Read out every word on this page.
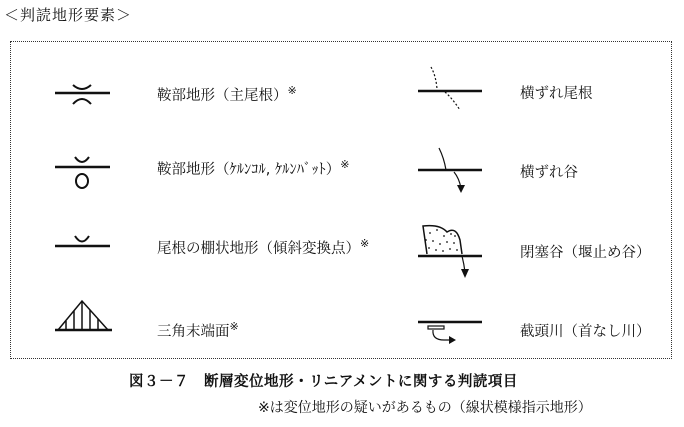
＜判読地形要素＞
鞍部地形（主尾根）※
鞍部地形（ｹﾙﾝｺﾙ, ｹﾙﾝﾊﾞｯﾄ）※
尾根の棚状地形（傾斜変換点）※
三角末端面※
横ずれ尾根
横ずれ谷
閉塞谷（堰止め谷）
截頭川（首なし川）
図３－７　断層変位地形・リニアメントに関する判読項目
※は変位地形の疑いがあるもの（線状模様指示地形）
